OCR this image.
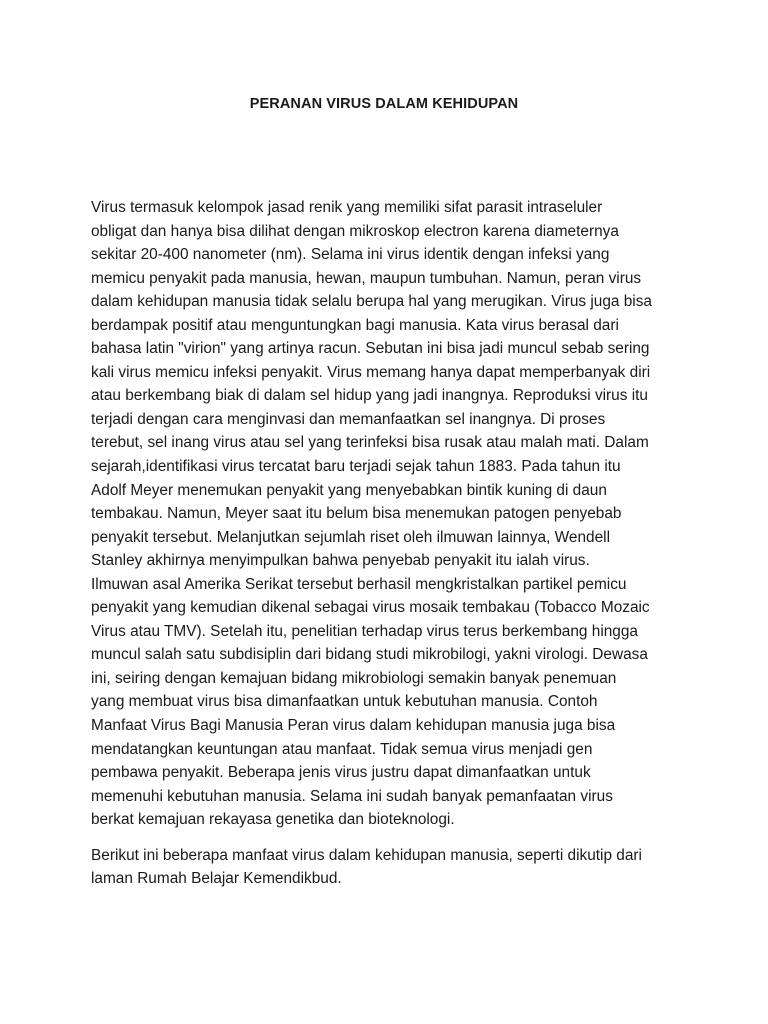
PERANAN VIRUS DALAM KEHIDUPAN
Virus termasuk kelompok jasad renik yang memiliki sifat parasit intraseluler
obligat dan hanya bisa dilihat dengan mikroskop electron karena diameternya
sekitar 20-400 nanometer (nm). Selama ini virus identik dengan infeksi yang
memicu penyakit pada manusia, hewan, maupun tumbuhan. Namun, peran virus
dalam kehidupan manusia tidak selalu berupa hal yang merugikan. Virus juga bisa
berdampak positif atau menguntungkan bagi manusia. Kata virus berasal dari
bahasa latin "virion" yang artinya racun. Sebutan ini bisa jadi muncul sebab sering
kali virus memicu infeksi penyakit. Virus memang hanya dapat memperbanyak diri
atau berkembang biak di dalam sel hidup yang jadi inangnya. Reproduksi virus itu
terjadi dengan cara menginvasi dan memanfaatkan sel inangnya. Di proses
terebut, sel inang virus atau sel yang terinfeksi bisa rusak atau malah mati. Dalam
sejarah,identifikasi virus tercatat baru terjadi sejak tahun 1883. Pada tahun itu
Adolf Meyer menemukan penyakit yang menyebabkan bintik kuning di daun
tembakau. Namun, Meyer saat itu belum bisa menemukan patogen penyebab
penyakit tersebut. Melanjutkan sejumlah riset oleh ilmuwan lainnya, Wendell
Stanley akhirnya menyimpulkan bahwa penyebab penyakit itu ialah virus.
Ilmuwan asal Amerika Serikat tersebut berhasil mengkristalkan partikel pemicu
penyakit yang kemudian dikenal sebagai virus mosaik tembakau (Tobacco Mozaic
Virus atau TMV). Setelah itu, penelitian terhadap virus terus berkembang hingga
muncul salah satu subdisiplin dari bidang studi mikrobilogi, yakni virologi. Dewasa
ini, seiring dengan kemajuan bidang mikrobiologi semakin banyak penemuan
yang membuat virus bisa dimanfaatkan untuk kebutuhan manusia. Contoh
Manfaat Virus Bagi Manusia Peran virus dalam kehidupan manusia juga bisa
mendatangkan keuntungan atau manfaat. Tidak semua virus menjadi gen
pembawa penyakit. Beberapa jenis virus justru dapat dimanfaatkan untuk
memenuhi kebutuhan manusia. Selama ini sudah banyak pemanfaatan virus
berkat kemajuan rekayasa genetika dan bioteknologi.
Berikut ini beberapa manfaat virus dalam kehidupan manusia, seperti dikutip dari
laman Rumah Belajar Kemendikbud.
